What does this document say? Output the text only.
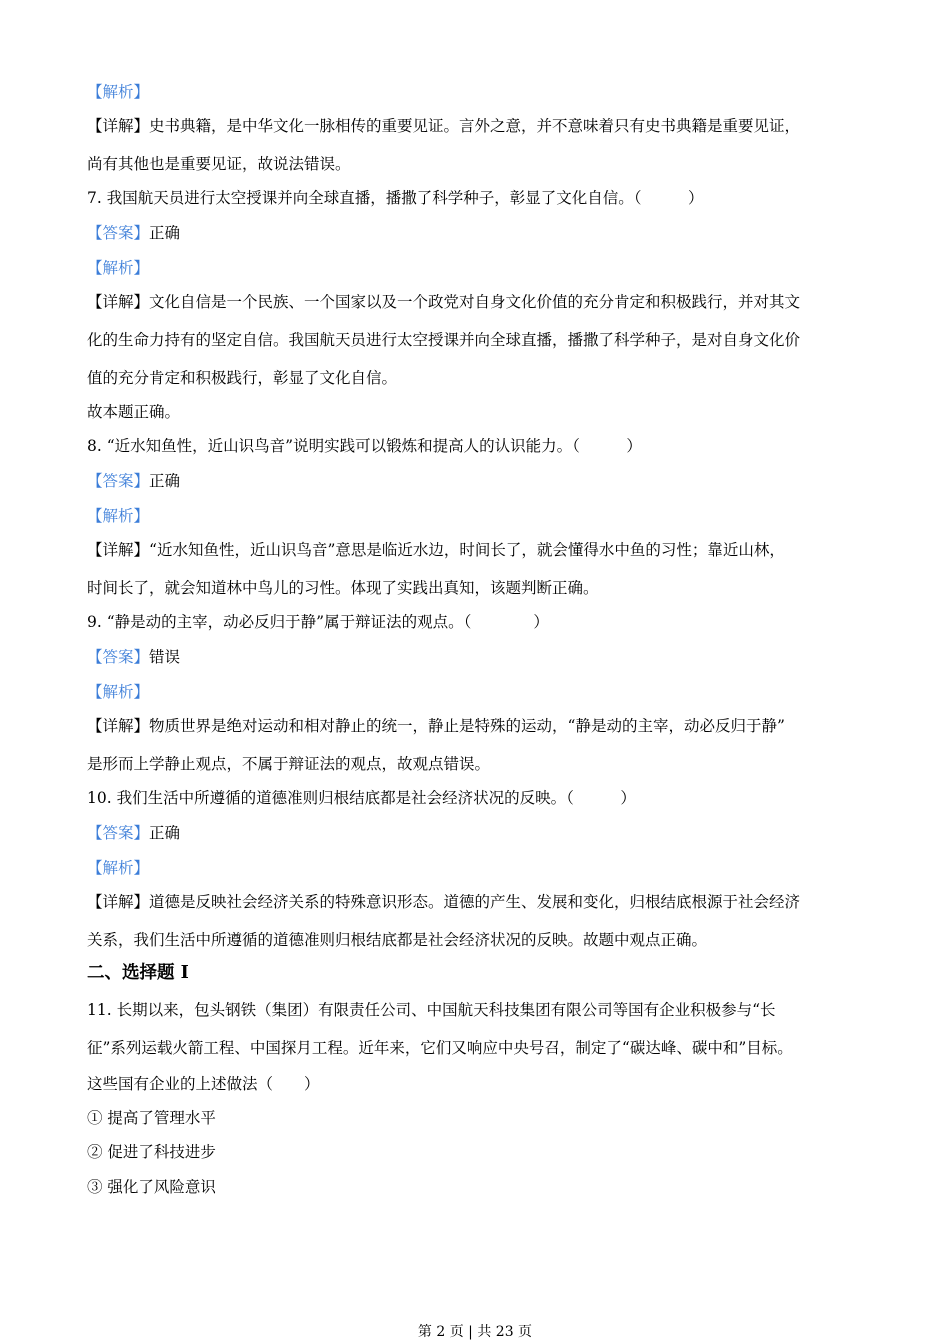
【解析】
【详解】史书典籍，是中华文化一脉相传的重要见证。言外之意，并不意味着只有史书典籍是重要见证，
尚有其他也是重要见证，故说法错误。
7. 我国航天员进行太空授课并向全球直播，播撒了科学种子，彰显了文化自信。（　　　）
【答案】正确
【解析】
【详解】文化自信是一个民族、一个国家以及一个政党对自身文化价值的充分肯定和积极践行，并对其文
化的生命力持有的坚定自信。我国航天员进行太空授课并向全球直播，播撒了科学种子，是对自身文化价
值的充分肯定和积极践行，彰显了文化自信。
故本题正确。
8. “近水知鱼性，近山识鸟音”说明实践可以锻炼和提高人的认识能力。（　　　）
【答案】正确
【解析】
【详解】“近水知鱼性，近山识鸟音”意思是临近水边，时间长了，就会懂得水中鱼的习性；靠近山林，
时间长了，就会知道林中鸟儿的习性。体现了实践出真知，该题判断正确。
9. “静是动的主宰，动必反归于静”属于辩证法的观点。（　　　　）
【答案】错误
【解析】
【详解】物质世界是绝对运动和相对静止的统一，静止是特殊的运动，“静是动的主宰，动必反归于静”
是形而上学静止观点，不属于辩证法的观点，故观点错误。
10. 我们生活中所遵循的道德准则归根结底都是社会经济状况的反映。（　　　）
【答案】正确
【解析】
【详解】道德是反映社会经济关系的特殊意识形态。道德的产生、发展和变化，归根结底根源于社会经济
关系，我们生活中所遵循的道德准则归根结底都是社会经济状况的反映。故题中观点正确。
二、选择题 I
11. 长期以来，包头钢铁（集团）有限责任公司、中国航天科技集团有限公司等国有企业积极参与“长
征”系列运载火箭工程、中国探月工程。近年来，它们又响应中央号召，制定了“碳达峰、碳中和”目标。
这些国有企业的上述做法（　　）
① 提高了管理水平
② 促进了科技进步
③ 强化了风险意识
第 2 页 | 共 23 页
